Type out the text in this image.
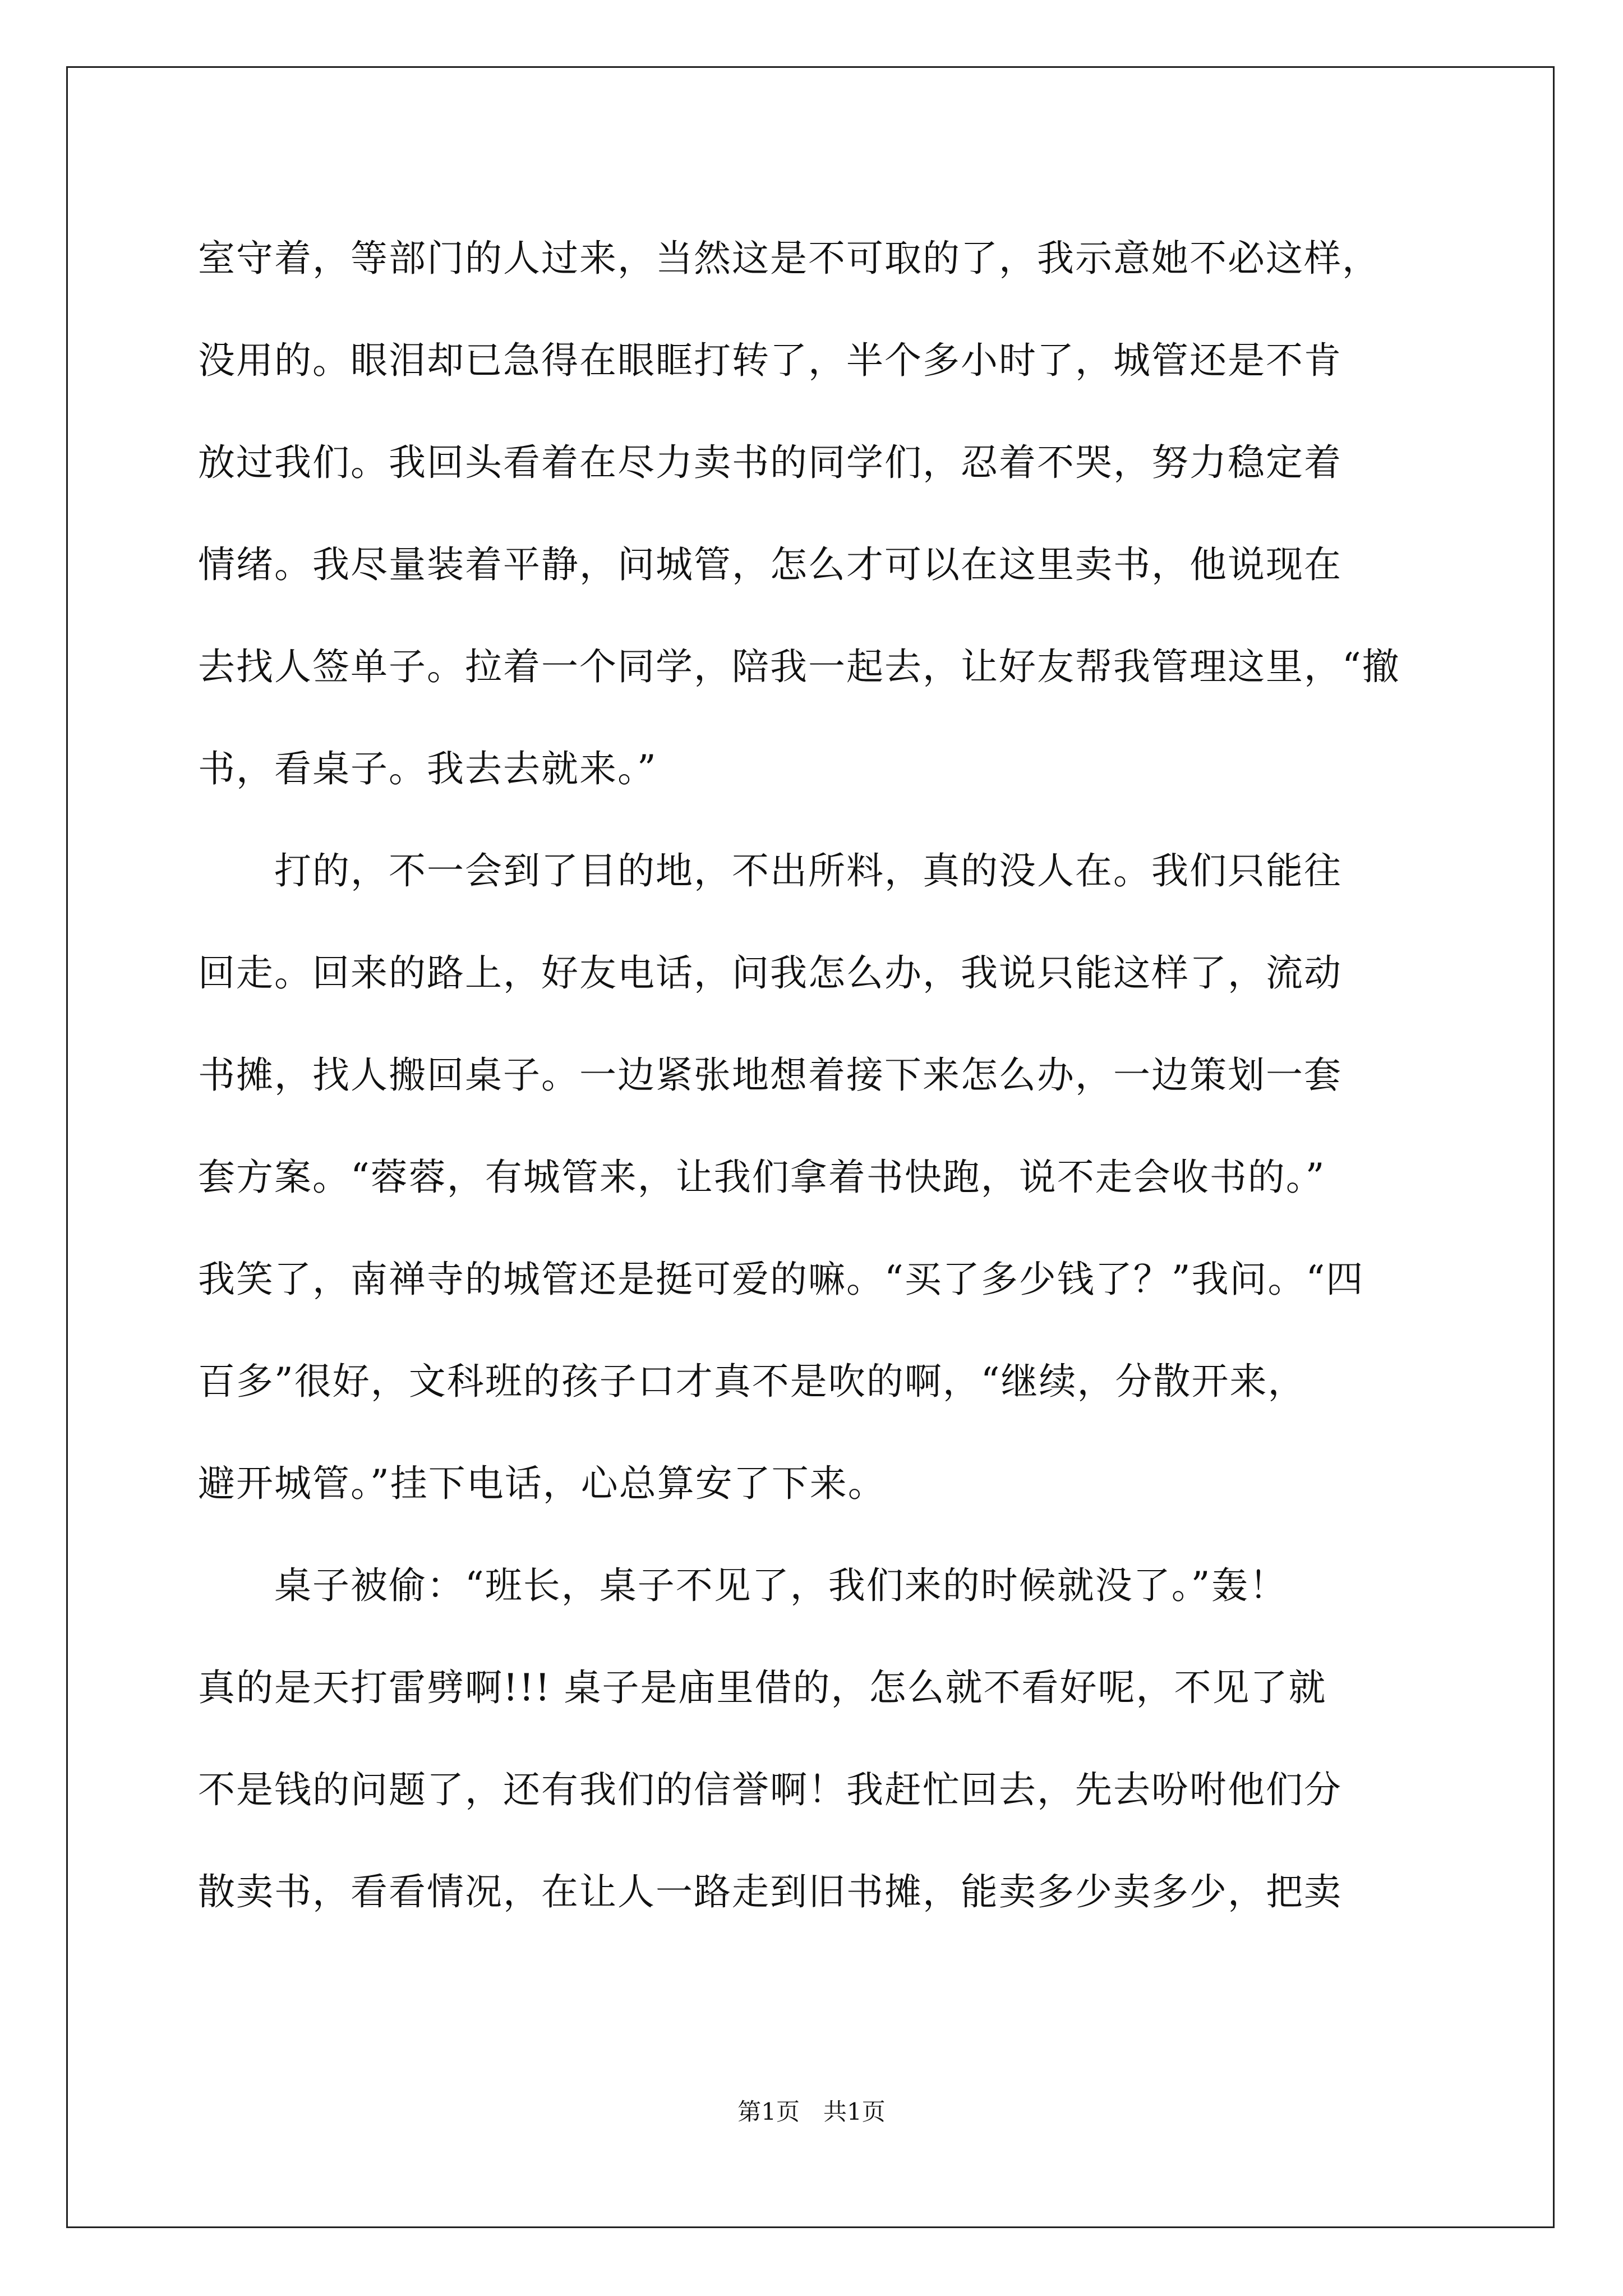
室守着，等部门的人过来，当然这是不可取的了，我示意她不必这样，
没用的。眼泪却已急得在眼眶打转了，半个多小时了，城管还是不肯
放过我们。我回头看着在尽力卖书的同学们，忍着不哭，努力稳定着
情绪。我尽量装着平静，问城管，怎么才可以在这里卖书，他说现在
去找人签单子。拉着一个同学，陪我一起去，让好友帮我管理这里，“撤
书，看桌子。我去去就来。”
　　打的，不一会到了目的地，不出所料，真的没人在。我们只能往
回走。回来的路上，好友电话，问我怎么办，我说只能这样了，流动
书摊，找人搬回桌子。一边紧张地想着接下来怎么办，一边策划一套
套方案。“蓉蓉，有城管来，让我们拿着书快跑，说不走会收书的。”
我笑了，南禅寺的城管还是挺可爱的嘛。“买了多少钱了？”我问。“四
百多”很好，文科班的孩子口才真不是吹的啊，“继续，分散开来，
避开城管。”挂下电话，心总算安了下来。
　　桌子被偷：“班长，桌子不见了，我们来的时候就没了。”轰！
真的是天打雷劈啊!!! 桌子是庙里借的，怎么就不看好呢，不见了就
不是钱的问题了，还有我们的信誉啊！我赶忙回去，先去吩咐他们分
散卖书，看看情况，在让人一路走到旧书摊，能卖多少卖多少，把卖
第1页　共1页
